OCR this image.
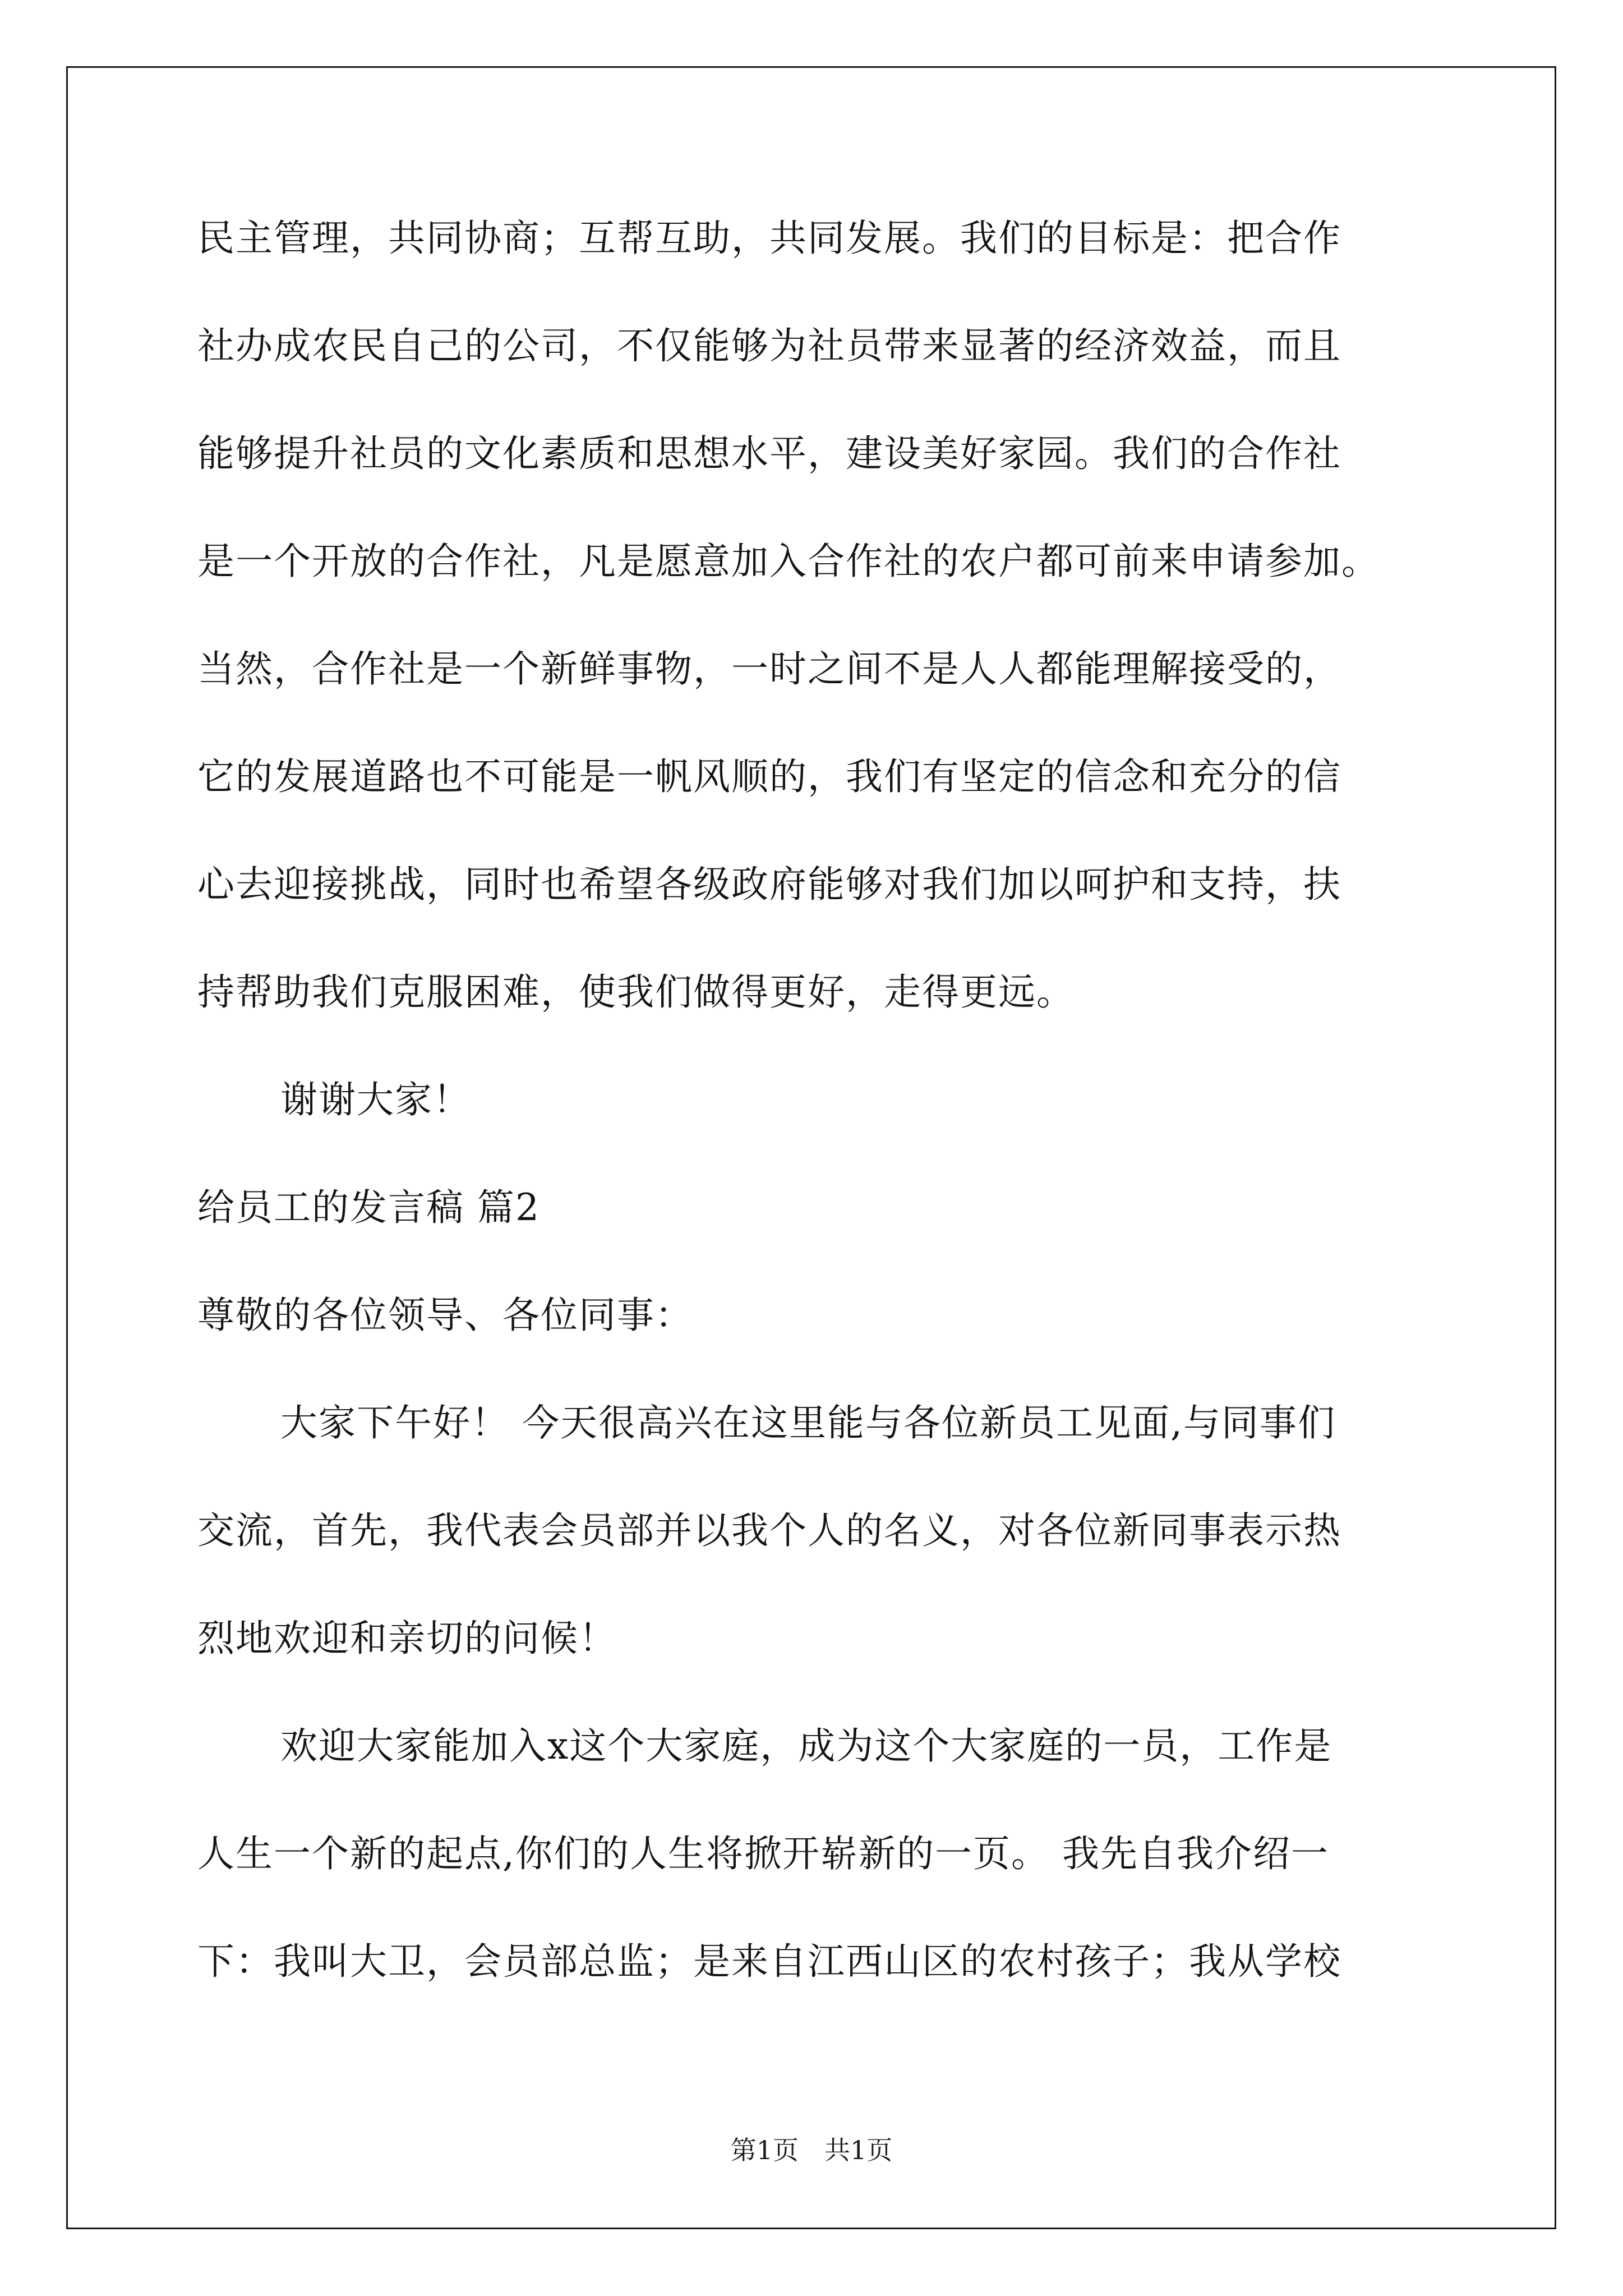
民主管理，共同协商；互帮互助，共同发展。我们的目标是：把合作
社办成农民自己的公司，不仅能够为社员带来显著的经济效益，而且
能够提升社员的文化素质和思想水平，建设美好家园。我们的合作社
是一个开放的合作社，凡是愿意加入合作社的农户都可前来申请参加。
当然，合作社是一个新鲜事物，一时之间不是人人都能理解接受的，
它的发展道路也不可能是一帆风顺的，我们有坚定的信念和充分的信
心去迎接挑战，同时也希望各级政府能够对我们加以呵护和支持，扶
持帮助我们克服困难，使我们做得更好，走得更远。
谢谢大家！
给员工的发言稿 篇2
尊敬的各位领导、各位同事：
大家下午好！ 今天很高兴在这里能与各位新员工见面,与同事们
交流，首先，我代表会员部并以我个人的名义，对各位新同事表示热
烈地欢迎和亲切的问候！
欢迎大家能加入x这个大家庭，成为这个大家庭的一员，工作是
人生一个新的起点,你们的人生将掀开崭新的一页。 我先自我介绍一
下：我叫大卫，会员部总监；是来自江西山区的农村孩子；我从学校
第1页　共1页
